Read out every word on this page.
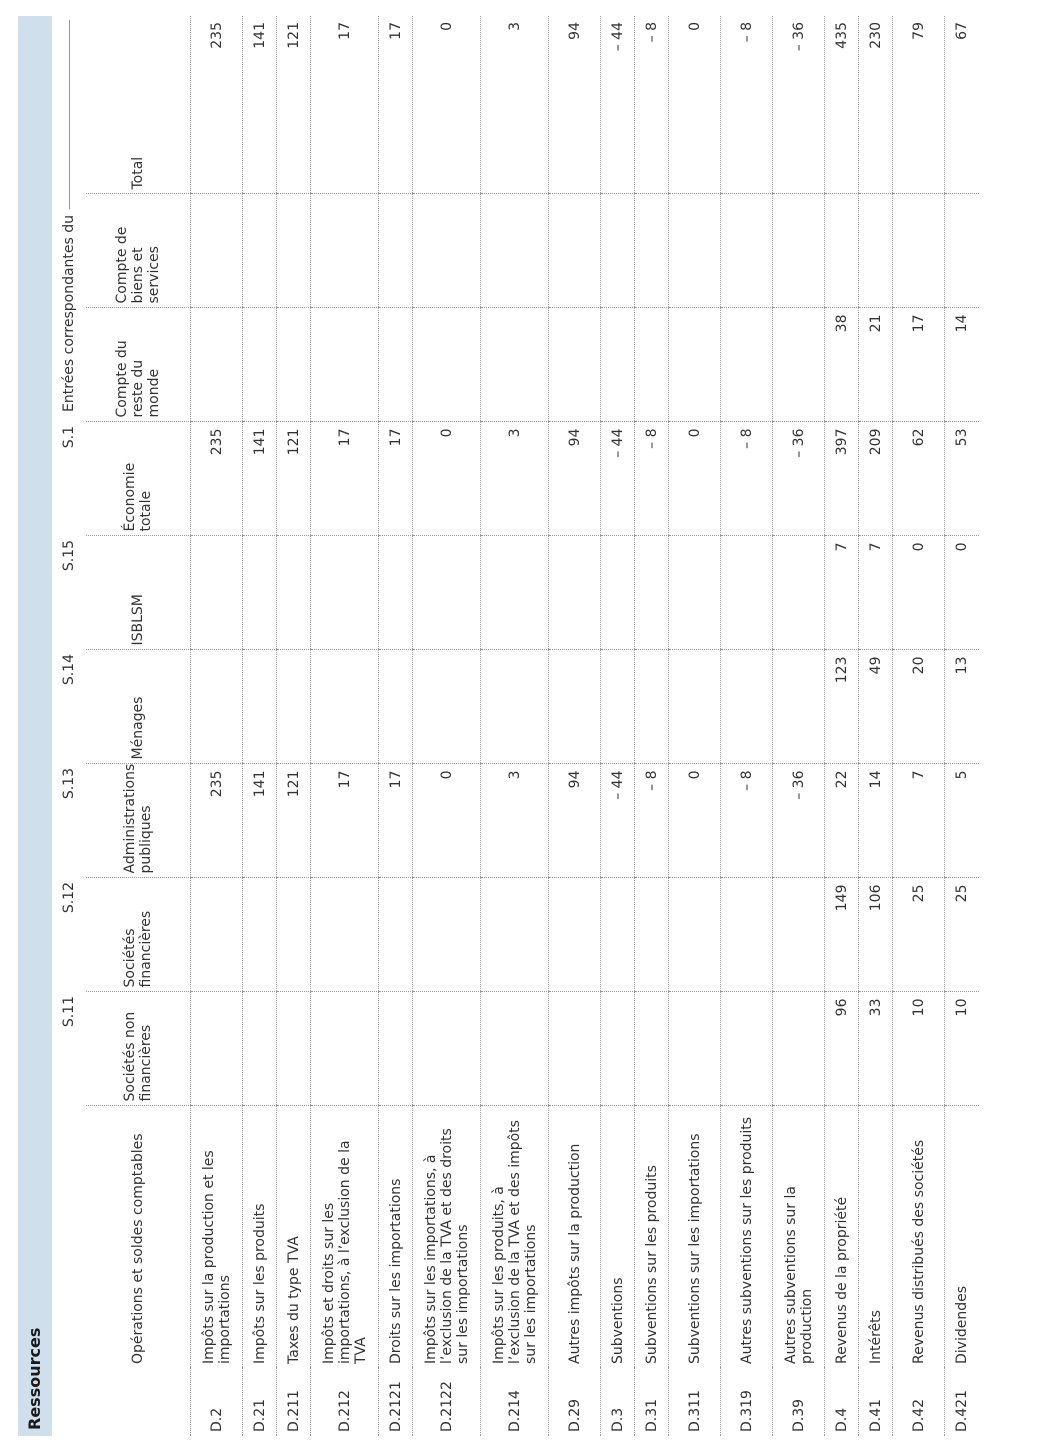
Ressources
		S.11	S.12	S.13	S.14	S.15	S.1	Entrées correspondantes du		
	Opérations et soldes comptables	Sociétés non financières	Sociétés financières	Administrations publiques	Ménages	ISBLSM	Économie totale	Compte du reste du monde	Compte de biens et services	Total
D.2	Impôts sur la production et les importations			235			235			235
D.21	Impôts sur les produits			141			141			141
D.211	Taxes du type TVA			121			121			121
D.212	Impôts et droits sur les importations, à l’exclusion de la TVA			17			17			17
D.2121	Droits sur les importations			17			17			17
D.2122	Impôts sur les importations, à l’exclusion de la TVA et des droits sur les importations			0			0			0
D.214	Impôts sur les produits, à l’exclusion de la TVA et des impôts sur les importations			3			3			3
D.29	Autres impôts sur la production			94			94			94
D.3	Subventions			– 44			– 44			– 44
D.31	Subventions sur les produits			– 8			– 8			– 8
D.311	Subventions sur les importations			0			0			0
D.319	Autres subventions sur les produits			– 8			– 8			– 8
D.39	Autres subventions sur la production			– 36			– 36			– 36
D.4	Revenus de la propriété	96	149	22	123	7	397	38		435
D.41	Intérêts	33	106	14	49	7	209	21		230
D.42	Revenus distribués des sociétés	10	25	7	20	0	62	17		79
D.421	Dividendes	10	25	5	13	0	53	14		67
